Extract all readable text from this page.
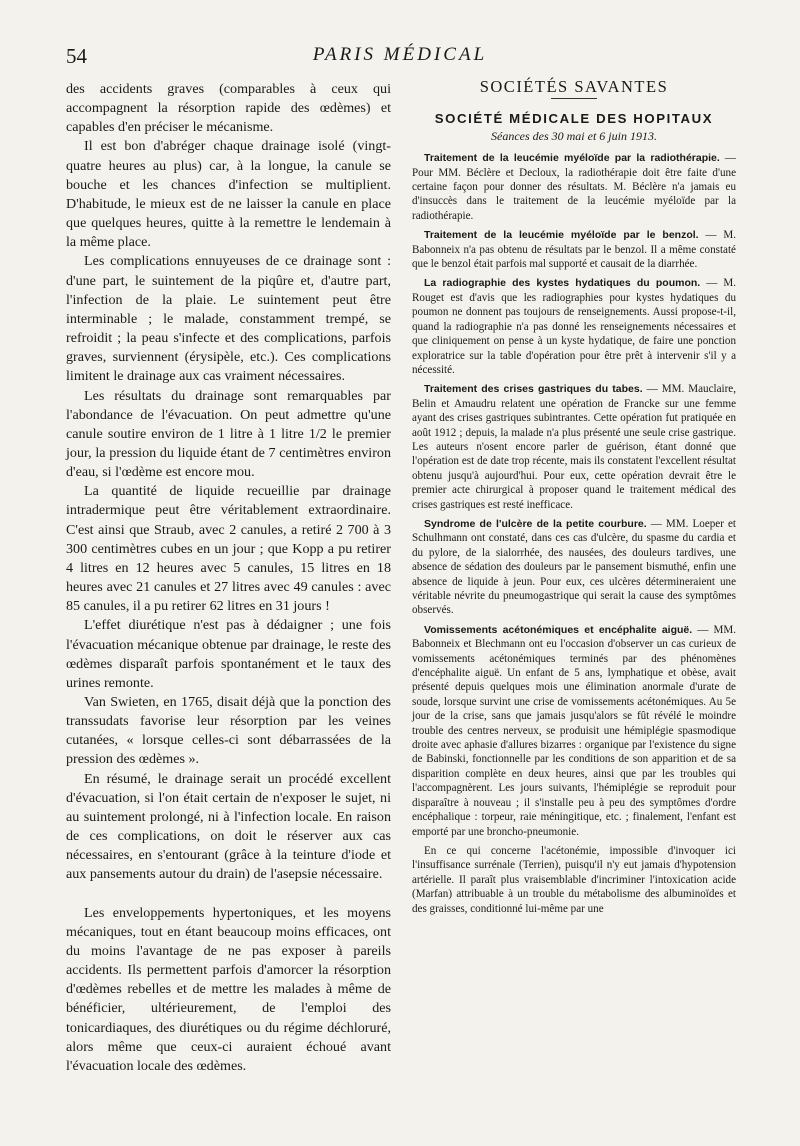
54	PARIS MÉDICAL

des accidents graves (comparables à ceux qui accompagnent la résorption rapide des œdèmes) et capables d'en préciser le mécanisme.

Il est bon d'abréger chaque drainage isolé (vingt-quatre heures au plus) car, à la longue, la canule se bouche et les chances d'infection se multiplient. D'habitude, le mieux est de ne laisser la canule en place que quelques heures, quitte à la remettre le lendemain à la même place.

Les complications ennuyeuses de ce drainage sont : d'une part, le suintement de la piqûre et, d'autre part, l'infection de la plaie. Le suintement peut être interminable ; le malade, constamment trempé, se refroidit ; la peau s'infecte et des complications, parfois graves, surviennent (érysipèle, etc.). Ces complications limitent le drainage aux cas vraiment nécessaires.

Les résultats du drainage sont remarquables par l'abondance de l'évacuation. On peut admettre qu'une canule soutire environ de 1 litre à 1 litre 1/2 le premier jour, la pression du liquide étant de 7 centimètres environ d'eau, si l'œdème est encore mou.

La quantité de liquide recueillie par drainage intradermique peut être véritablement extraordinaire. C'est ainsi que Straub, avec 2 canules, a retiré 2 700 à 3 300 centimètres cubes en un jour ; que Kopp a pu retirer 4 litres en 12 heures avec 5 canules, 15 litres en 18 heures avec 21 canules et 27 litres avec 49 canules : avec 85 canules, il a pu retirer 62 litres en 31 jours !

L'effet diurétique n'est pas à dédaigner ; une fois l'évacuation mécanique obtenue par drainage, le reste des œdèmes disparaît parfois spontanément et le taux des urines remonte.

Van Swieten, en 1765, disait déjà que la ponction des transsudats favorise leur résorption par les veines cutanées, « lorsque celles-ci sont débarrassées de la pression des œdèmes ».

En résumé, le drainage serait un procédé excellent d'évacuation, si l'on était certain de n'exposer le sujet, ni au suintement prolongé, ni à l'infection locale. En raison de ces complications, on doit le réserver aux cas nécessaires, en s'entourant (grâce à la teinture d'iode et aux pansements autour du drain) de l'asepsie nécessaire.

Les enveloppements hypertoniques, et les moyens mécaniques, tout en étant beaucoup moins efficaces, ont du moins l'avantage de ne pas exposer à pareils accidents. Ils permettent parfois d'amorcer la résorption d'œdèmes rebelles et de mettre les malades à même de bénéficier, ultérieurement, de l'emploi des tonicardiaques, des diurétiques ou du régime déchloruré, alors même que ceux-ci auraient échoué avant l'évacuation locale des œdèmes.

SOCIÉTÉS SAVANTES
SOCIÉTÉ MÉDICALE DES HOPITAUX
Séances des 30 mai et 6 juin 1913.

Traitement de la leucémie myéloïde par la radiothérapie. — Pour MM. Béclère et Decloux, la radiothérapie doit être faite d'une certaine façon pour donner des résultats. M. Béclère n'a jamais eu d'insuccès dans le traitement de la leucémie myéloïde par la radiothérapie.

Traitement de la leucémie myéloïde par le benzol. — M. Babonneix n'a pas obtenu de résultats par le benzol. Il a même constaté que le benzol était parfois mal supporté et causait de la diarrhée.

La radiographie des kystes hydatiques du poumon. — M. Rouget est d'avis que les radiographies pour kystes hydatiques du poumon ne donnent pas toujours de renseignements. Aussi propose-t-il, quand la radiographie n'a pas donné les renseignements nécessaires et que cliniquement on pense à un kyste hydatique, de faire une ponction exploratrice sur la table d'opération pour être prêt à intervenir s'il y a nécessité.

Traitement des crises gastriques du tabes. — MM. Mauclaire, Belin et Amaudru relatent une opération de Francke sur une femme ayant des crises gastriques subintrantes. Cette opération fut pratiquée en août 1912 ; depuis, la malade n'a plus présenté une seule crise gastrique. Les auteurs n'osent encore parler de guérison, étant donné que l'opération est de date trop récente, mais ils constatent l'excellent résultat obtenu jusqu'à aujourd'hui. Pour eux, cette opération devrait être le premier acte chirurgical à proposer quand le traitement médical des crises gastriques est resté inefficace.

Syndrome de l'ulcère de la petite courbure. — MM. Loeper et Schulhmann ont constaté, dans ces cas d'ulcère, du spasme du cardia et du pylore, de la sialorrhée, des nausées, des douleurs tardives, une absence de sédation des douleurs par le pansement bismuthé, enfin une absence de liquide à jeun. Pour eux, ces ulcères détermineraient une véritable névrite du pneumogastrique qui serait la cause des symptômes observés.

Vomissements acétonémiques et encéphalite aiguë. — MM. Babonneix et Blechmann ont eu l'occasion d'observer un cas curieux de vomissements acétonémiques terminés par des phénomènes d'encéphalite aiguë. Un enfant de 5 ans, lymphatique et obèse, avait présenté depuis quelques mois une élimination anormale d'urate de soude, lorsque survint une crise de vomissements acétonémiques. Au 5e jour de la crise, sans que jamais jusqu'alors se fût révélé le moindre trouble des centres nerveux, se produisit une hémiplégie spasmodique droite avec aphasie d'allures bizarres : organique par l'existence du signe de Babinski, fonctionnelle par les conditions de son apparition et de sa disparition complète en deux heures, ainsi que par les troubles qui l'accompagnèrent. Les jours suivants, l'hémiplégie se reproduit pour disparaître à nouveau ; il s'installe peu à peu des symptômes d'ordre encéphalique : torpeur, raie méningitique, etc. ; finalement, l'enfant est emporté par une broncho-pneumonie.

En ce qui concerne l'acétonémie, impossible d'invoquer ici l'insuffisance surrénale (Terrien), puisqu'il n'y eut jamais d'hypotension artérielle. Il paraît plus vraisemblable d'incriminer l'intoxication acide (Marfan) attribuable à un trouble du métabolisme des albuminoïdes et des graisses, conditionné lui-même par une
